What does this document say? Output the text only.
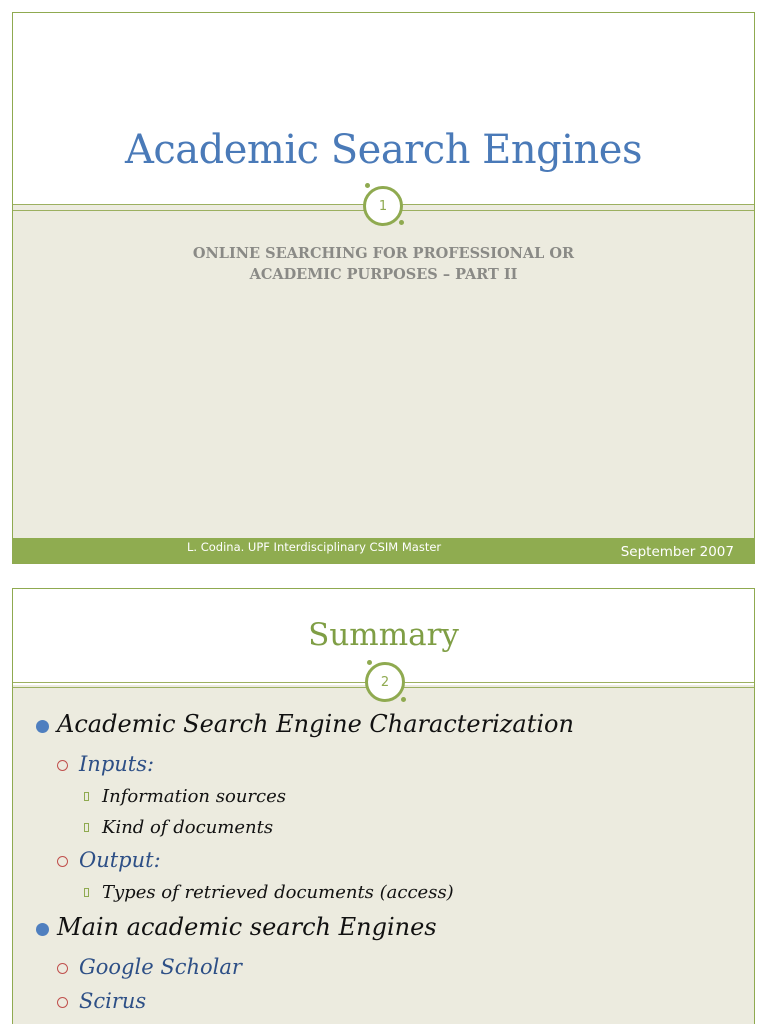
Academic Search Engines
1
ONLINE SEARCHING FOR PROFESSIONAL OR
ACADEMIC PURPOSES – PART II
L. Codina. UPF Interdisciplinary CSIM Master	September 2007
Summary
2
Academic Search Engine Characterization
Inputs:
Information sources
Kind of documents
Output:
Types of retrieved documents (access)
Main academic search Engines
Google Scholar
Scirus
